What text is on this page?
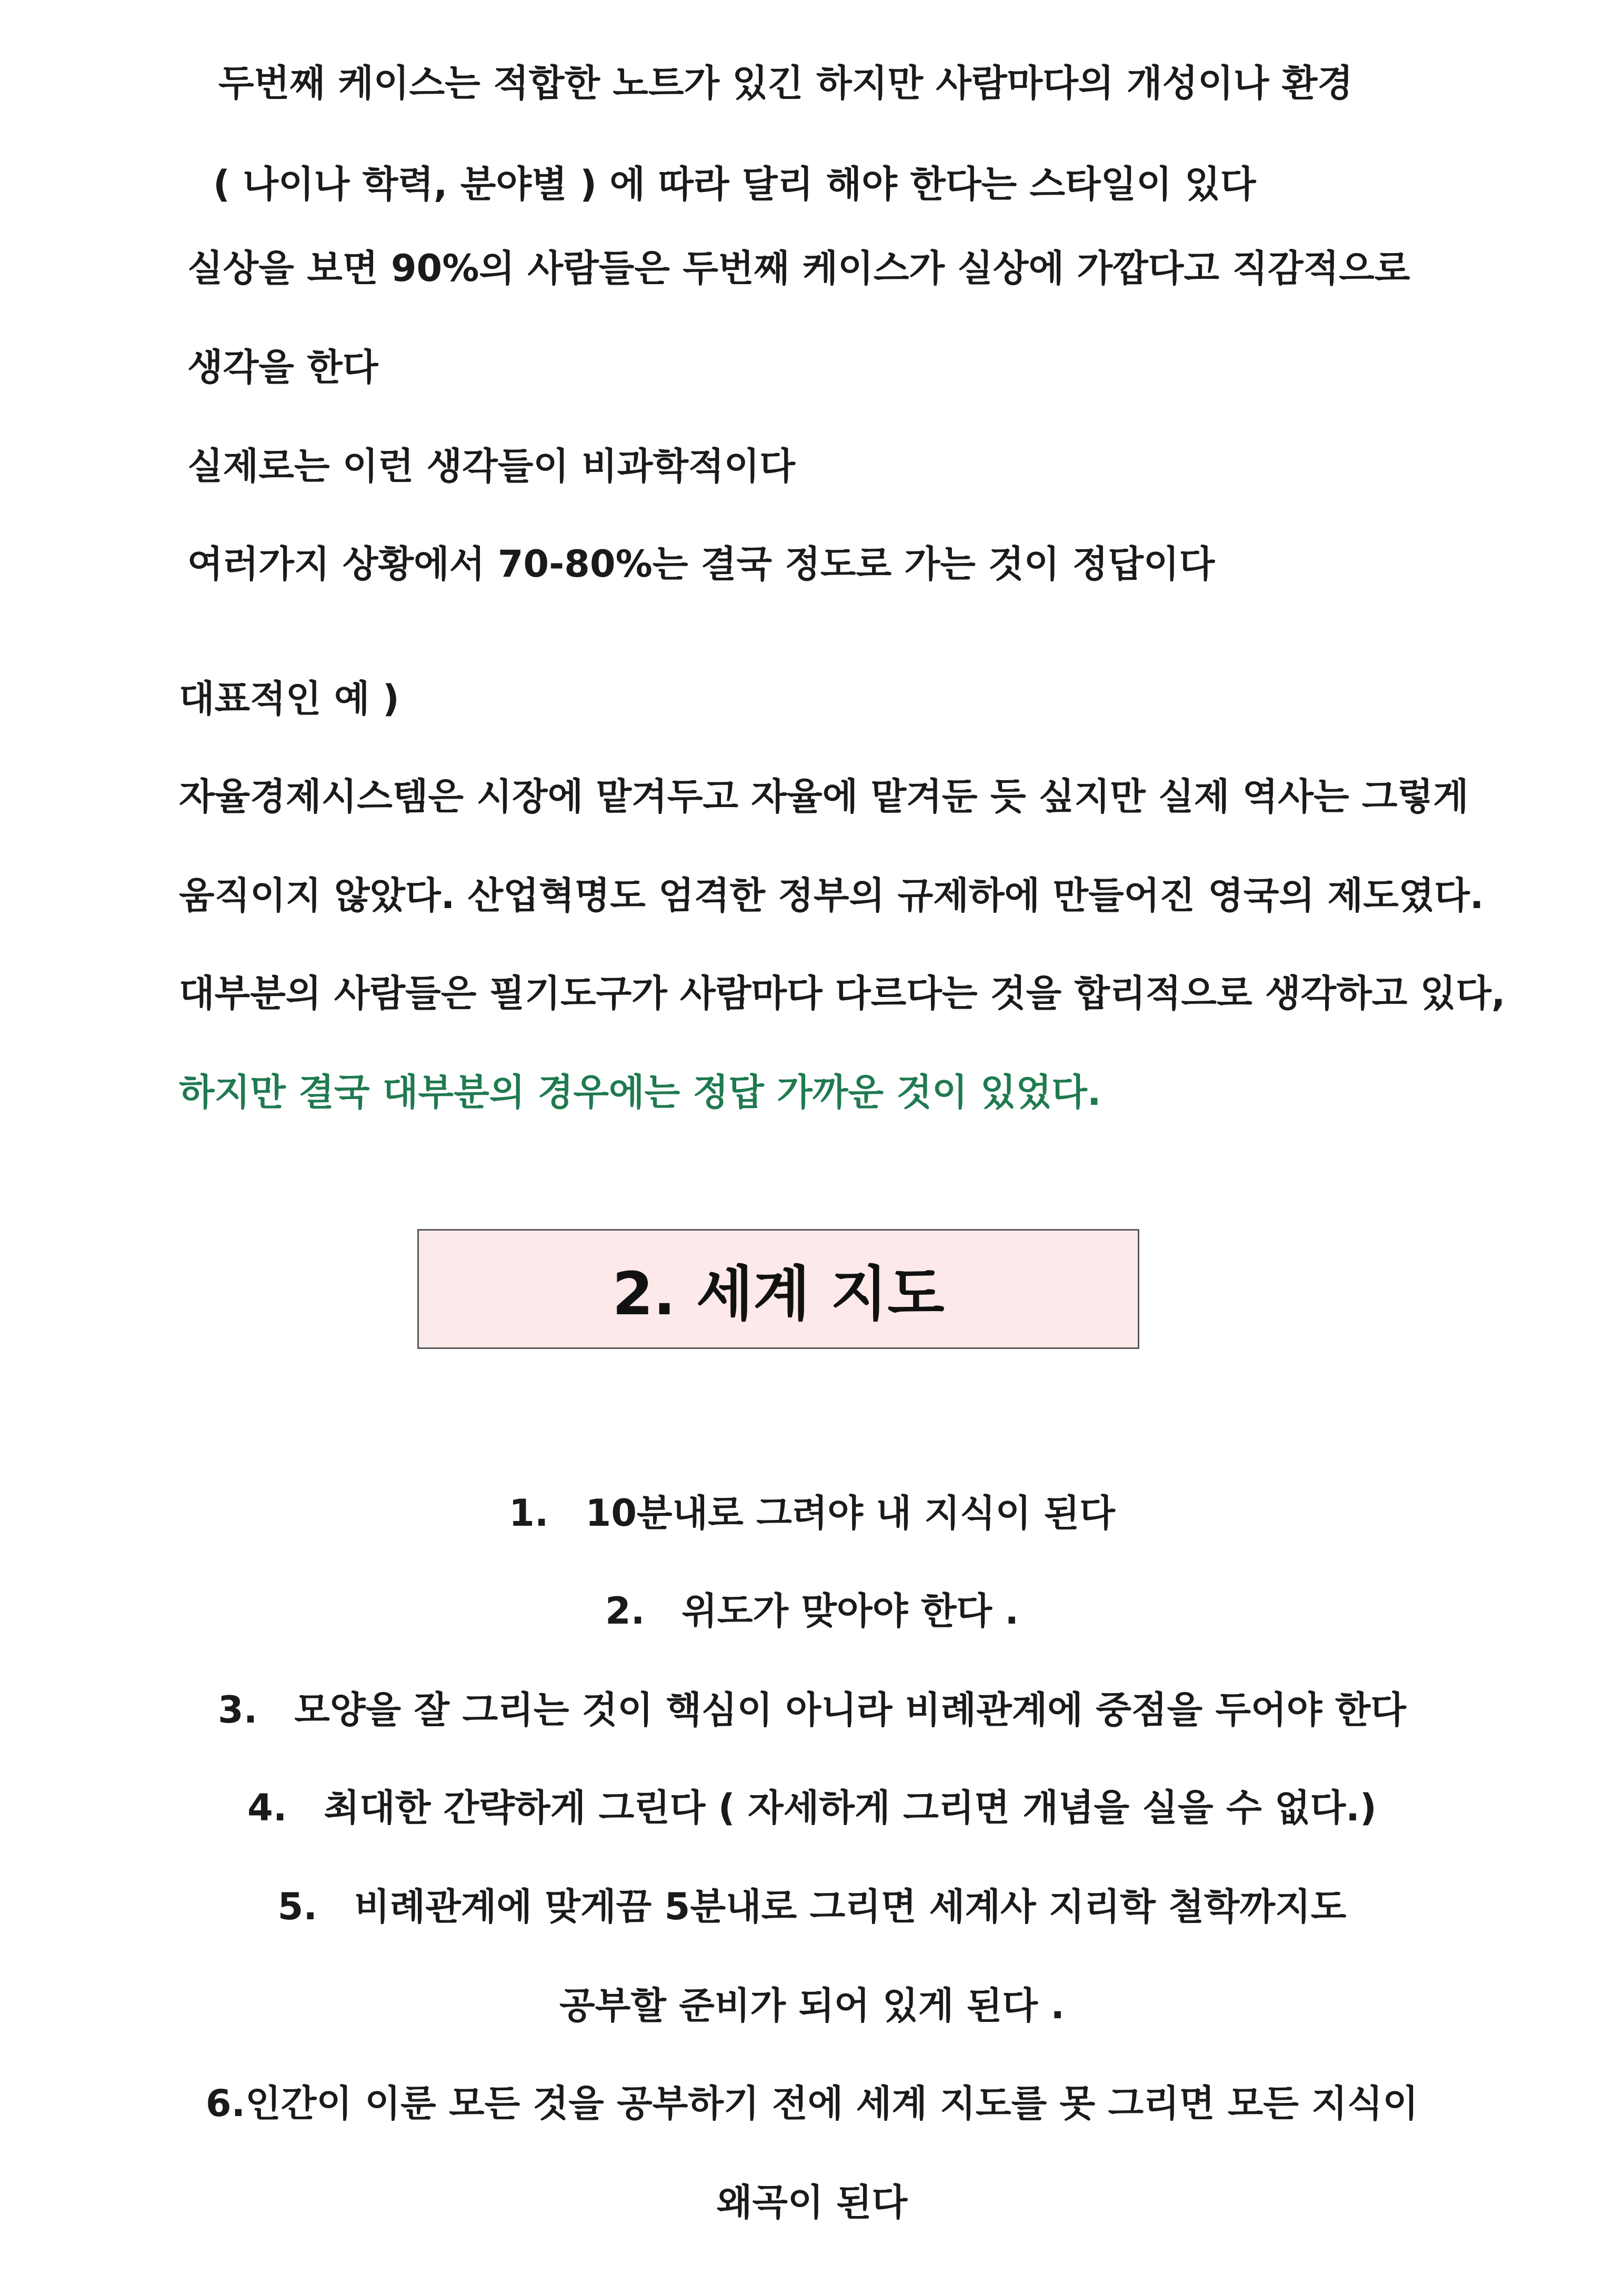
두번째 케이스는 적합한 노트가 있긴 하지만 사람마다의 개성이나 환경
( 나이나 학력, 분야별 ) 에 따라 달리 해야 한다는 스타일이 있다
실상을 보면 90%의 사람들은 두번째 케이스가 실상에 가깝다고 직감적으로
생각을 한다
실제로는 이런 생각들이 비과학적이다
여러가지 상황에서 70-80%는 결국 정도로 가는 것이 정답이다
대표적인 예 )
자율경제시스템은 시장에 맡겨두고 자율에 맡겨둔 듯 싶지만 실제 역사는 그렇게
움직이지 않았다. 산업혁명도 엄격한 정부의 규제하에 만들어진 영국의 제도였다.
대부분의 사람들은 필기도구가 사람마다 다르다는 것을 합리적으로 생각하고 있다,
하지만 결국 대부분의 경우에는 정답 가까운 것이 있었다.
2. 세계 지도
1. 10분내로 그려야 내 지식이 된다
2. 위도가 맞아야 한다 .
3. 모양을 잘 그리는 것이 핵심이 아니라 비례관계에 중점을 두어야 한다
4. 최대한 간략하게 그린다 ( 자세하게 그리면 개념을 실을 수 없다.)
5. 비례관계에 맞게끔 5분내로 그리면 세계사 지리학 철학까지도
공부할 준비가 되어 있게 된다 .
6.인간이 이룬 모든 것을 공부하기 전에 세계 지도를 못 그리면 모든 지식이
왜곡이 된다
